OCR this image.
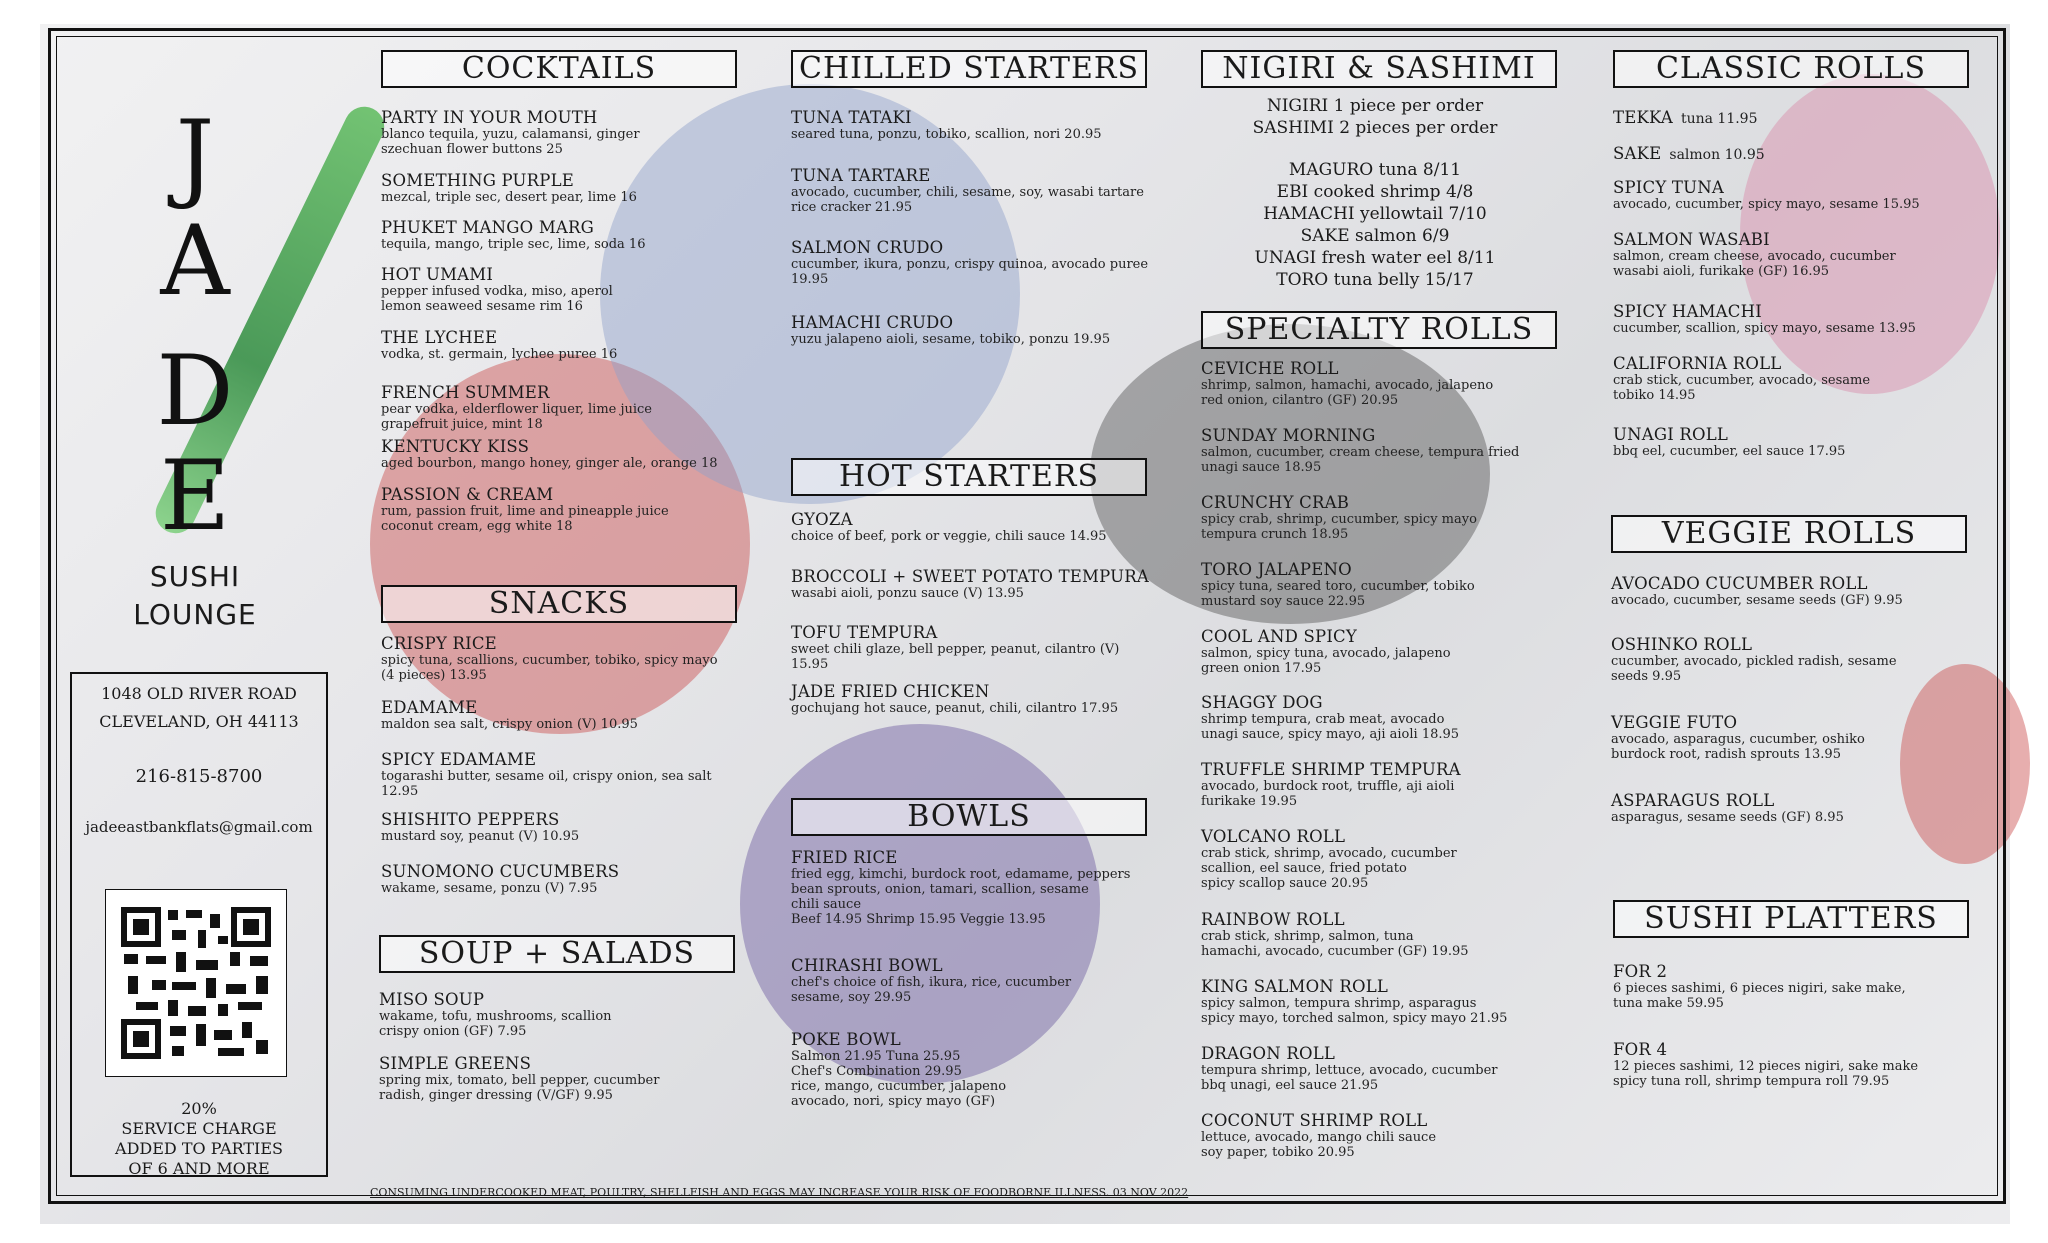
J
A
D
E
SUSHI
LOUNGE
1048 OLD RIVER ROAD
CLEVELAND, OH 44113
216-815-8700
jadeeastbankflats@gmail.com
20%
SERVICE CHARGE
ADDED TO PARTIES
OF 6 AND MORE
COCKTAILS
SNACKS
SOUP + SALADS
CHILLED STARTERS
HOT STARTERS
BOWLS
NIGIRI & SASHIMI
SPECIALTY ROLLS
CLASSIC ROLLS
VEGGIE ROLLS
SUSHI PLATTERS
NIGIRI 1 piece per order
SASHIMI 2 pieces per order
MAGURO tuna 8/11
EBI cooked shrimp 4/8
HAMACHI yellowtail 7/10
SAKE salmon 6/9
UNAGI fresh water eel 8/11
TORO tuna belly 15/17
PARTY IN YOUR MOUTH
blanco tequila, yuzu, calamansi, ginger
szechuan flower buttons 25
SOMETHING PURPLE
mezcal, triple sec, desert pear, lime 16
PHUKET MANGO MARG
tequila, mango, triple sec, lime, soda 16
HOT UMAMI
pepper infused vodka, miso, aperol
lemon seaweed sesame rim 16
THE LYCHEE
vodka, st. germain, lychee puree 16
FRENCH SUMMER
pear vodka, elderflower liquer, lime juice
grapefruit juice, mint 18
KENTUCKY KISS
aged bourbon, mango honey, ginger ale, orange 18
PASSION & CREAM
rum, passion fruit, lime and pineapple juice
coconut cream, egg white 18
CRISPY RICE
spicy tuna, scallions, cucumber, tobiko, spicy mayo
(4 pieces) 13.95
EDAMAME
maldon sea salt, crispy onion (V) 10.95
SPICY EDAMAME
togarashi butter, sesame oil, crispy onion, sea salt
12.95
SHISHITO PEPPERS
mustard soy, peanut (V) 10.95
SUNOMONO CUCUMBERS
wakame, sesame, ponzu (V) 7.95
MISO SOUP
wakame, tofu, mushrooms, scallion
crispy onion (GF) 7.95
SIMPLE GREENS
spring mix, tomato, bell pepper, cucumber
radish, ginger dressing (V/GF) 9.95
TUNA TATAKI
seared tuna, ponzu, tobiko, scallion, nori 20.95
TUNA TARTARE
avocado, cucumber, chili, sesame, soy, wasabi tartare
rice cracker 21.95
SALMON CRUDO
cucumber, ikura, ponzu, crispy quinoa, avocado puree
19.95
HAMACHI CRUDO
yuzu jalapeno aioli, sesame, tobiko, ponzu 19.95
GYOZA
choice of beef, pork or veggie, chili sauce 14.95
BROCCOLI + SWEET POTATO TEMPURA
wasabi aioli, ponzu sauce (V) 13.95
TOFU TEMPURA
sweet chili glaze, bell pepper, peanut, cilantro (V) 15.95
JADE FRIED CHICKEN
gochujang hot sauce, peanut, chili, cilantro 17.95
FRIED RICE
fried egg, kimchi, burdock root, edamame, peppers
bean sprouts, onion, tamari, scallion, sesame
chili sauce
Beef 14.95 Shrimp 15.95 Veggie 13.95
CHIRASHI BOWL
chef's choice of fish, ikura, rice, cucumber
sesame, soy 29.95
POKE BOWL
Salmon 21.95 Tuna 25.95
Chef's Combination 29.95
rice, mango, cucumber, jalapeno
avocado, nori, spicy mayo (GF)
CEVICHE ROLL
shrimp, salmon, hamachi, avocado, jalapeno
red onion, cilantro (GF) 20.95
SUNDAY MORNING
salmon, cucumber, cream cheese, tempura fried
unagi sauce 18.95
CRUNCHY CRAB
spicy crab, shrimp, cucumber, spicy mayo
tempura crunch 18.95
TORO JALAPENO
spicy tuna, seared toro, cucumber, tobiko
mustard soy sauce 22.95
COOL AND SPICY
salmon, spicy tuna, avocado, jalapeno
green onion 17.95
SHAGGY DOG
shrimp tempura, crab meat, avocado
unagi sauce, spicy mayo, aji aioli 18.95
TRUFFLE SHRIMP TEMPURA
avocado, burdock root, truffle, aji aioli
furikake 19.95
VOLCANO ROLL
crab stick, shrimp, avocado, cucumber
scallion, eel sauce, fried potato
spicy scallop sauce 20.95
RAINBOW ROLL
crab stick, shrimp, salmon, tuna
hamachi, avocado, cucumber (GF) 19.95
KING SALMON ROLL
spicy salmon, tempura shrimp, asparagus
spicy mayo, torched salmon, spicy mayo 21.95
DRAGON ROLL
tempura shrimp, lettuce, avocado, cucumber
bbq unagi, eel sauce 21.95
COCONUT SHRIMP ROLL
lettuce, avocado, mango chili sauce
soy paper, tobiko 20.95
TEKKA tuna 11.95
SAKE salmon 10.95
SPICY TUNA
avocado, cucumber, spicy mayo, sesame 15.95
SALMON WASABI
salmon, cream cheese, avocado, cucumber
wasabi aioli, furikake (GF) 16.95
SPICY HAMACHI
cucumber, scallion, spicy mayo, sesame 13.95
CALIFORNIA ROLL
crab stick, cucumber, avocado, sesame
tobiko 14.95
UNAGI ROLL
bbq eel, cucumber, eel sauce 17.95
AVOCADO CUCUMBER ROLL
avocado, cucumber, sesame seeds (GF) 9.95
OSHINKO ROLL
cucumber, avocado, pickled radish, sesame
seeds 9.95
VEGGIE FUTO
avocado, asparagus, cucumber, oshiko
burdock root, radish sprouts 13.95
ASPARAGUS ROLL
asparagus, sesame seeds (GF) 8.95
FOR 2
6 pieces sashimi, 6 pieces nigiri, sake make,
tuna make 59.95
FOR 4
12 pieces sashimi, 12 pieces nigiri, sake make
spicy tuna roll, shrimp tempura roll 79.95
CONSUMING UNDERCOOKED MEAT, POULTRY, SHELLFISH AND EGGS MAY INCREASE YOUR RISK OF FOODBORNE ILLNESS. 03 NOV 2022
